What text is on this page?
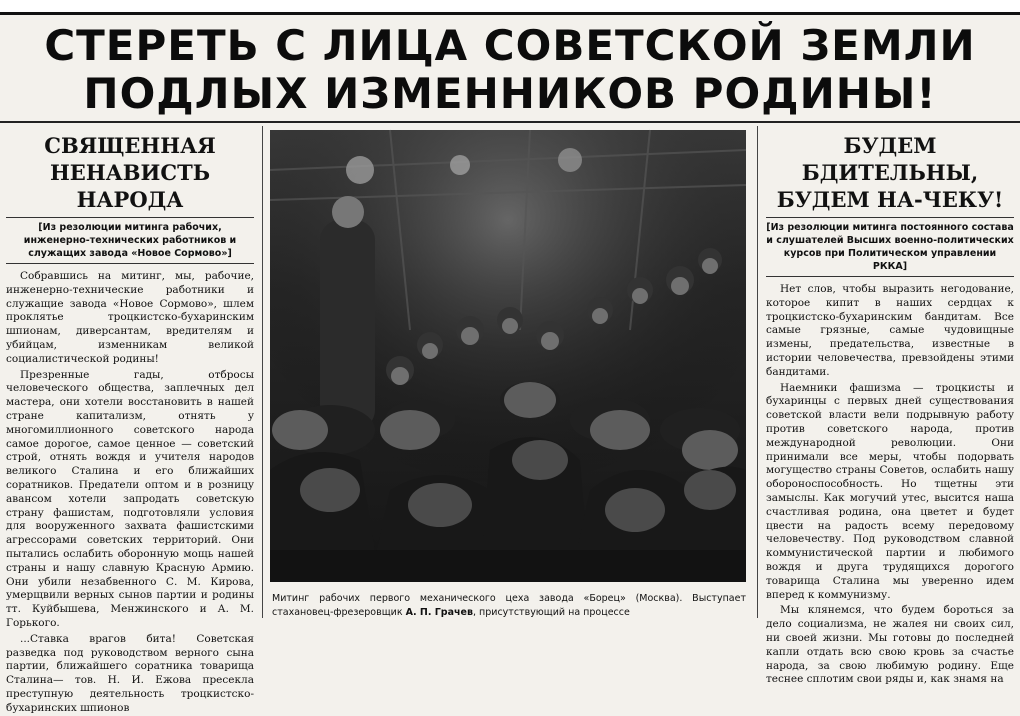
СТЕРЕТЬ С ЛИЦА СОВЕТСКОЙ ЗЕМЛИ
ПОДЛЫХ ИЗМЕННИКОВ РОДИНЫ!
СВЯЩЕННАЯ
НЕНАВИСТЬ НАРОДА
[Из резолюции митинга рабочих, инженерно-технических работников и служащих завода «Новое Сормово»]

Собравшись на митинг, мы, рабочие, инженерно-технические работники и служащие завода «Новое Сормово», шлем проклятье троцкистско-бухаринским шпионам, диверсантам, вредителям и убийцам, изменникам великой социалистической родины!

Презренные гады, отбросы человеческого общества, заплечных дел мастера, они хотели восстановить в нашей стране капитализм, отнять у многомиллионного советского народа самое дорогое, самое ценное — советский строй, отнять вождя и учителя народов великого Сталина и его ближайших соратников. Предатели оптом и в розницу авансом хотели запродать советскую страну фашистам, подготовляли условия для вооруженного захвата фашистскими агрессорами советских территорий. Они пытались ослабить оборонную мощь нашей страны и нашу славную Красную Армию. Они убили незабвенного С. М. Кирова, умерщвили верных сынов партии и родины тт. Куйбышева, Менжинского и А. М. Горького.

...Ставка врагов бита! Советская разведка под руководством верного сына партии, ближайшего соратника товарища Сталина— тов. Н. И. Ежова пресекла преступную деятельность троцкистско-бухаринских шпионов

Митинг рабочих первого механического цеха завода «Борец» (Москва). Выступает стахановец-фрезеровщик А. П. Грачев, присутствующий на процессе
БУДЕМ БДИТЕЛЬНЫ,
БУДЕМ НА-ЧЕКУ!
[Из резолюции митинга постоянного состава и слушателей Высших военно-политических курсов при Политическом управлении РККА]

Нет слов, чтобы выразить негодование, которое кипит в наших сердцах к троцкистско-бухаринским бандитам. Все самые грязные, самые чудовищные измены, предательства, известные в истории человечества, превзойдены этими бандитами.

Наемники фашизма — троцкисты и бухаринцы с первых дней существования советской власти вели подрывную работу против советского народа, против международной революции. Они принимали все меры, чтобы подорвать могущество страны Советов, ослабить нашу обороноспособность. Но тщетны эти замыслы. Как могучий утес, высится наша счастливая родина, она цветет и будет цвести на радость всему передовому человечеству. Под руководством славной коммунистической партии и любимого вождя и друга трудящихся дорогого товарища Сталина мы уверенно идем вперед к коммунизму.

Мы клянемся, что будем бороться за дело социализма, не жалея ни своих сил, ни своей жизни. Мы готовы до последней капли отдать всю свою кровь за счастье народа, за свою любимую родину. Еще теснее сплотим свои ряды и, как знамя на
